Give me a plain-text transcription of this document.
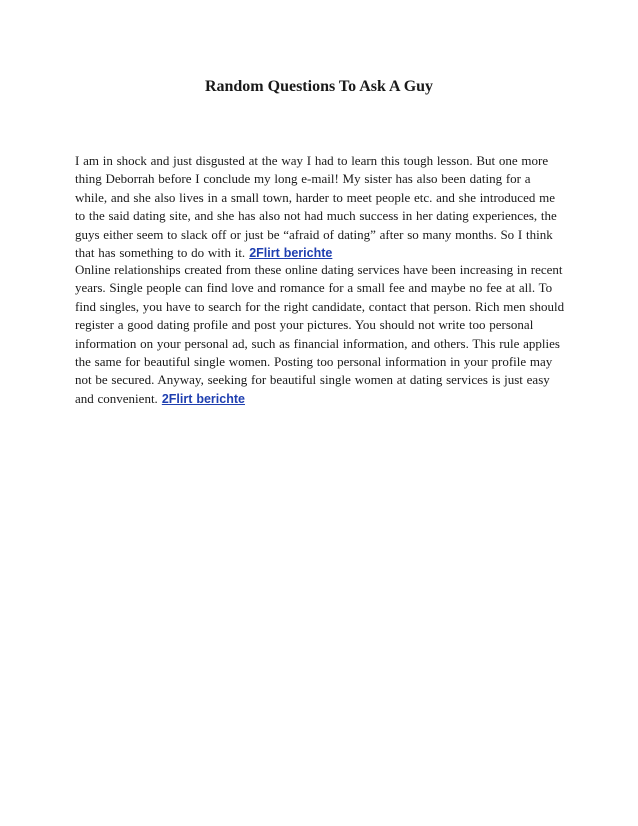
Random Questions To Ask A Guy

I am in shock and just disgusted at the way I had to learn this tough lesson. But one more thing Deborrah before I conclude my long e-mail! My sister has also been dating for a while, and she also lives in a small town, harder to meet people etc. and she introduced me to the said dating site, and she has also not had much success in her dating experiences, the guys either seem to slack off or just be “afraid of dating” after so many months. So I think that has something to do with it. 2Flirt berichte

Online relationships created from these online dating services have been increasing in recent years. Single people can find love and romance for a small fee and maybe no fee at all. To find singles, you have to search for the right candidate, contact that person. Rich men should register a good dating profile and post your pictures. You should not write too personal information on your personal ad, such as financial information, and others. This rule applies the same for beautiful single women. Posting too personal information in your profile may not be secured. Anyway, seeking for beautiful single women at dating services is just easy and convenient. 2Flirt berichte
